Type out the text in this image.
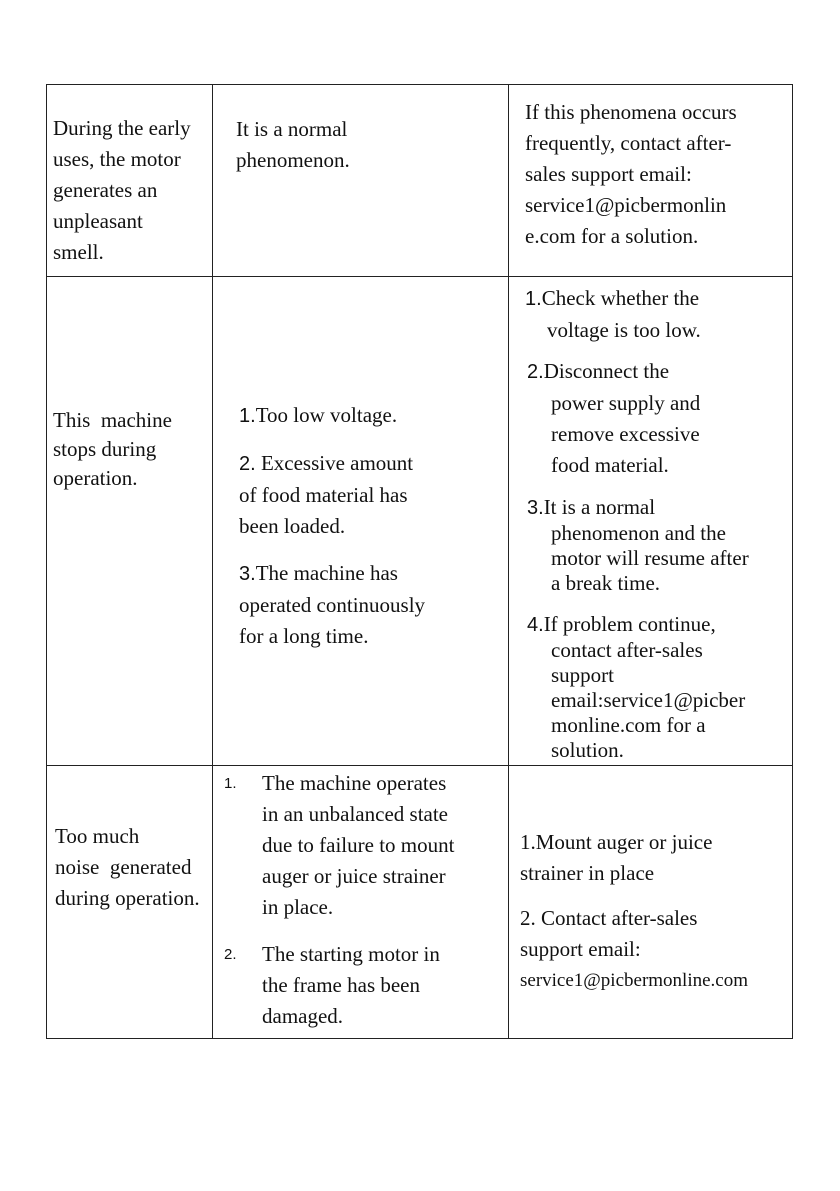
During the early

uses, the motor

generates an

unpleasant

smell.

It is a normal

phenomenon.

If this phenomena occurs

frequently, contact after-

sales support email:

service1@picbermonlin

e.com for a solution.

This  machine

stops during

operation.

1.Too low voltage.

2. Excessive amount

of food material has

been loaded.

3.The machine has

operated continuously

for a long time.

1.Check whether the

voltage is too low.

2.Disconnect the

power supply and

remove excessive

food material.

3.It is a normal

phenomenon and the

motor will resume after

a break time.

4.If problem continue,

contact after-sales

support

email:service1@picber

monline.com for a

solution.

Too much

noise  generated

during operation.

1. The machine operates

in an unbalanced state

due to failure to mount

auger or juice strainer

in place.

2. The starting motor in

the frame has been

damaged.

1.Mount auger or juice

strainer in place

2. Contact after-sales

support email:

service1@picbermonline.com
